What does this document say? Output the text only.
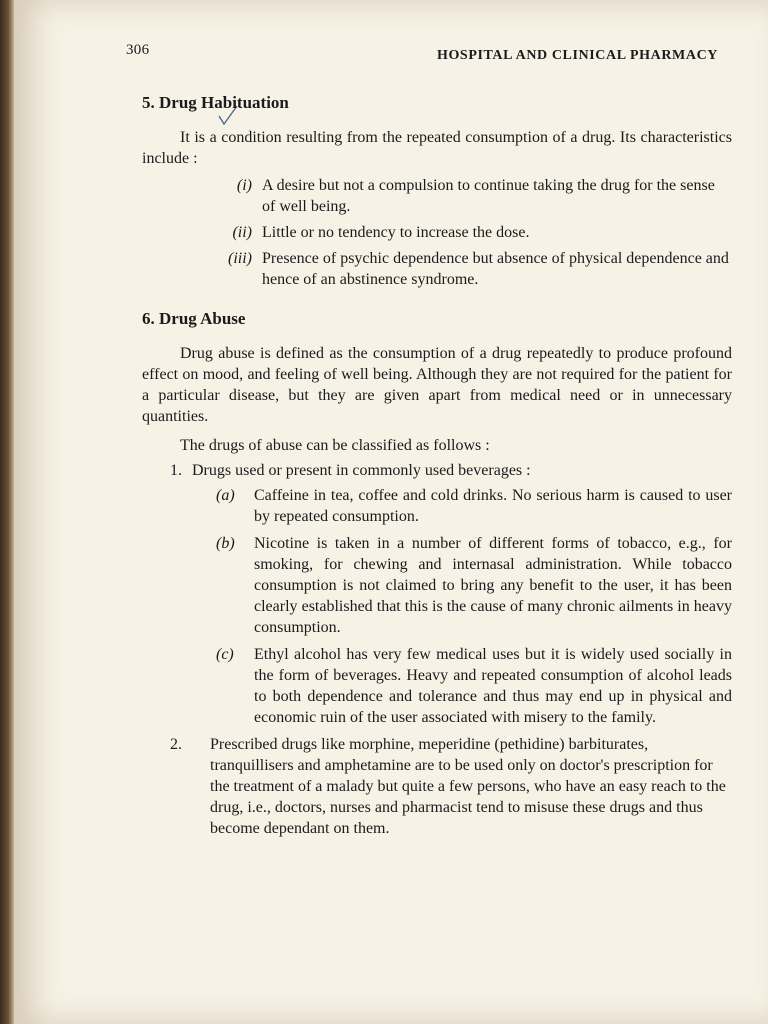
306	HOSPITAL AND CLINICAL PHARMACY
5. Drug Habituation

It is a condition resulting from the repeated consumption of a drug. Its characteristics include :

(i) A desire but not a compulsion to continue taking the drug for the sense of well being.
(ii) Little or no tendency to increase the dose.
(iii) Presence of psychic dependence but absence of physical dependence and hence of an abstinence syndrome.
6. Drug Abuse

Drug abuse is defined as the consumption of a drug repeatedly to produce profound effect on mood, and feeling of well being. Although they are not required for the patient for a particular disease, but they are given apart from medical need or in unnecessary quantities.

The drugs of abuse can be classified as follows :

1. Drugs used or present in commonly used beverages :
(a) Caffeine in tea, coffee and cold drinks. No serious harm is caused to user by repeated consumption.
(b) Nicotine is taken in a number of different forms of tobacco, e.g., for smoking, for chewing and internasal administration. While tobacco consumption is not claimed to bring any benefit to the user, it has been clearly established that this is the cause of many chronic ailments in heavy consumption.
(c) Ethyl alcohol has very few medical uses but it is widely used socially in the form of beverages. Heavy and repeated consumption of alcohol leads to both dependence and tolerance and thus may end up in physical and economic ruin of the user associated with misery to the family.
2. Prescribed drugs like morphine, meperidine (pethidine) barbiturates, tranquillisers and amphetamine are to be used only on doctor's prescription for the treatment of a malady but quite a few persons, who have an easy reach to the drug, i.e., doctors, nurses and pharmacist tend to misuse these drugs and thus become dependant on them.
